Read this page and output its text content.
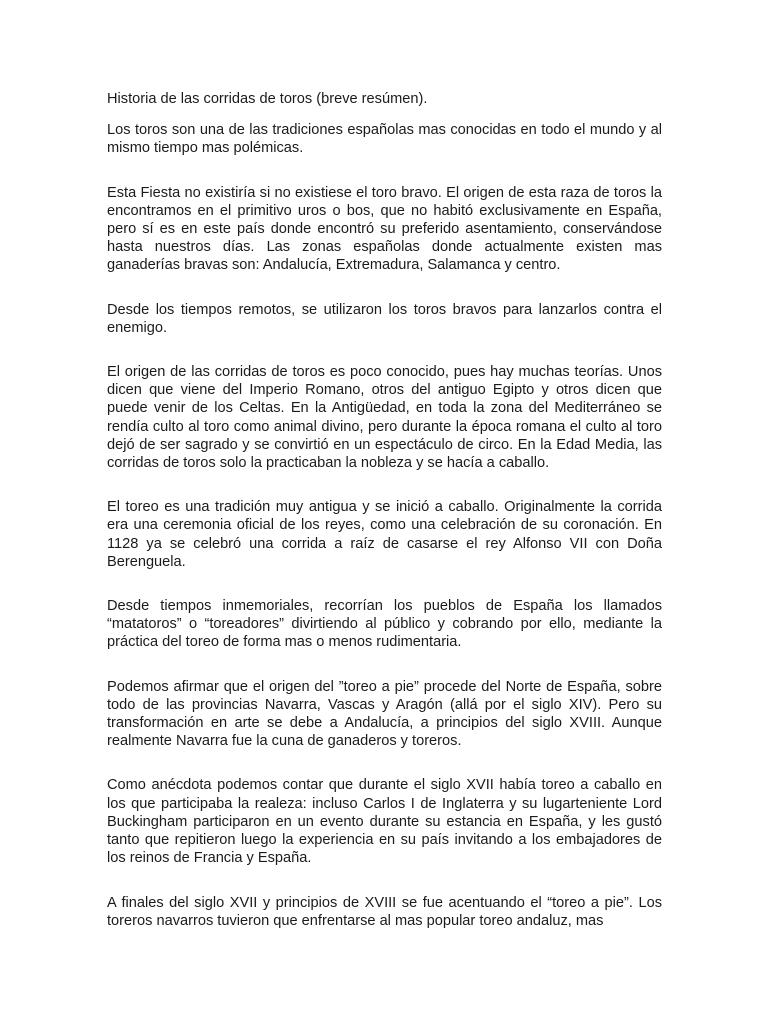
Historia de las corridas de toros (breve resúmen).

Los toros son una de las tradiciones españolas mas conocidas en todo el mundo y al mismo tiempo mas polémicas.

Esta Fiesta no existiría si no existiese el toro bravo. El origen de esta raza de toros la encontramos en el primitivo uros o bos, que no habitó exclusivamente en España, pero sí es en este país donde encontró su preferido asentamiento, conservándose hasta nuestros días. Las zonas españolas donde actualmente existen mas ganaderías bravas son: Andalucía, Extremadura, Salamanca y centro.

Desde los tiempos remotos, se utilizaron los toros bravos para lanzarlos contra el enemigo.

El origen de las corridas de toros es poco conocido, pues hay muchas teorías. Unos dicen que viene del Imperio Romano, otros del antiguo Egipto y otros dicen que puede venir de los Celtas. En la Antigüedad, en toda la zona del Mediterráneo se rendía culto al toro como animal divino, pero durante la época romana el culto al toro dejó de ser sagrado y se convirtió en un espectáculo de circo. En la Edad Media, las corridas de toros solo la practicaban la nobleza y se hacía a caballo.

El toreo es una tradición muy antigua y se inició a caballo. Originalmente la corrida era una ceremonia oficial de los reyes, como una celebración de su coronación. En 1128 ya se celebró una corrida a raíz de casarse el rey Alfonso VII con Doña Berenguela.

Desde tiempos inmemoriales, recorrían los pueblos de España los llamados “matatoros” o “toreadores” divirtiendo al público y cobrando por ello, mediante la práctica del toreo de forma mas o menos rudimentaria.

Podemos afirmar que el origen del ”toreo a pie” procede del Norte de España, sobre todo de las provincias Navarra, Vascas y Aragón (allá por el siglo XIV). Pero su transformación en arte se debe a Andalucía, a principios del siglo XVIII. Aunque realmente Navarra fue la cuna de ganaderos y toreros.

Como anécdota podemos contar que durante el siglo XVII había toreo a caballo en los que participaba la realeza: incluso Carlos I de Inglaterra y su lugarteniente Lord Buckingham participaron en un evento durante su estancia en España, y les gustó tanto que repitieron luego la experiencia en su país invitando a los embajadores de los reinos de Francia y España.

A finales del siglo XVII y principios de XVIII se fue acentuando el “toreo a pie”. Los toreros navarros tuvieron que enfrentarse al mas popular toreo andaluz, mas
